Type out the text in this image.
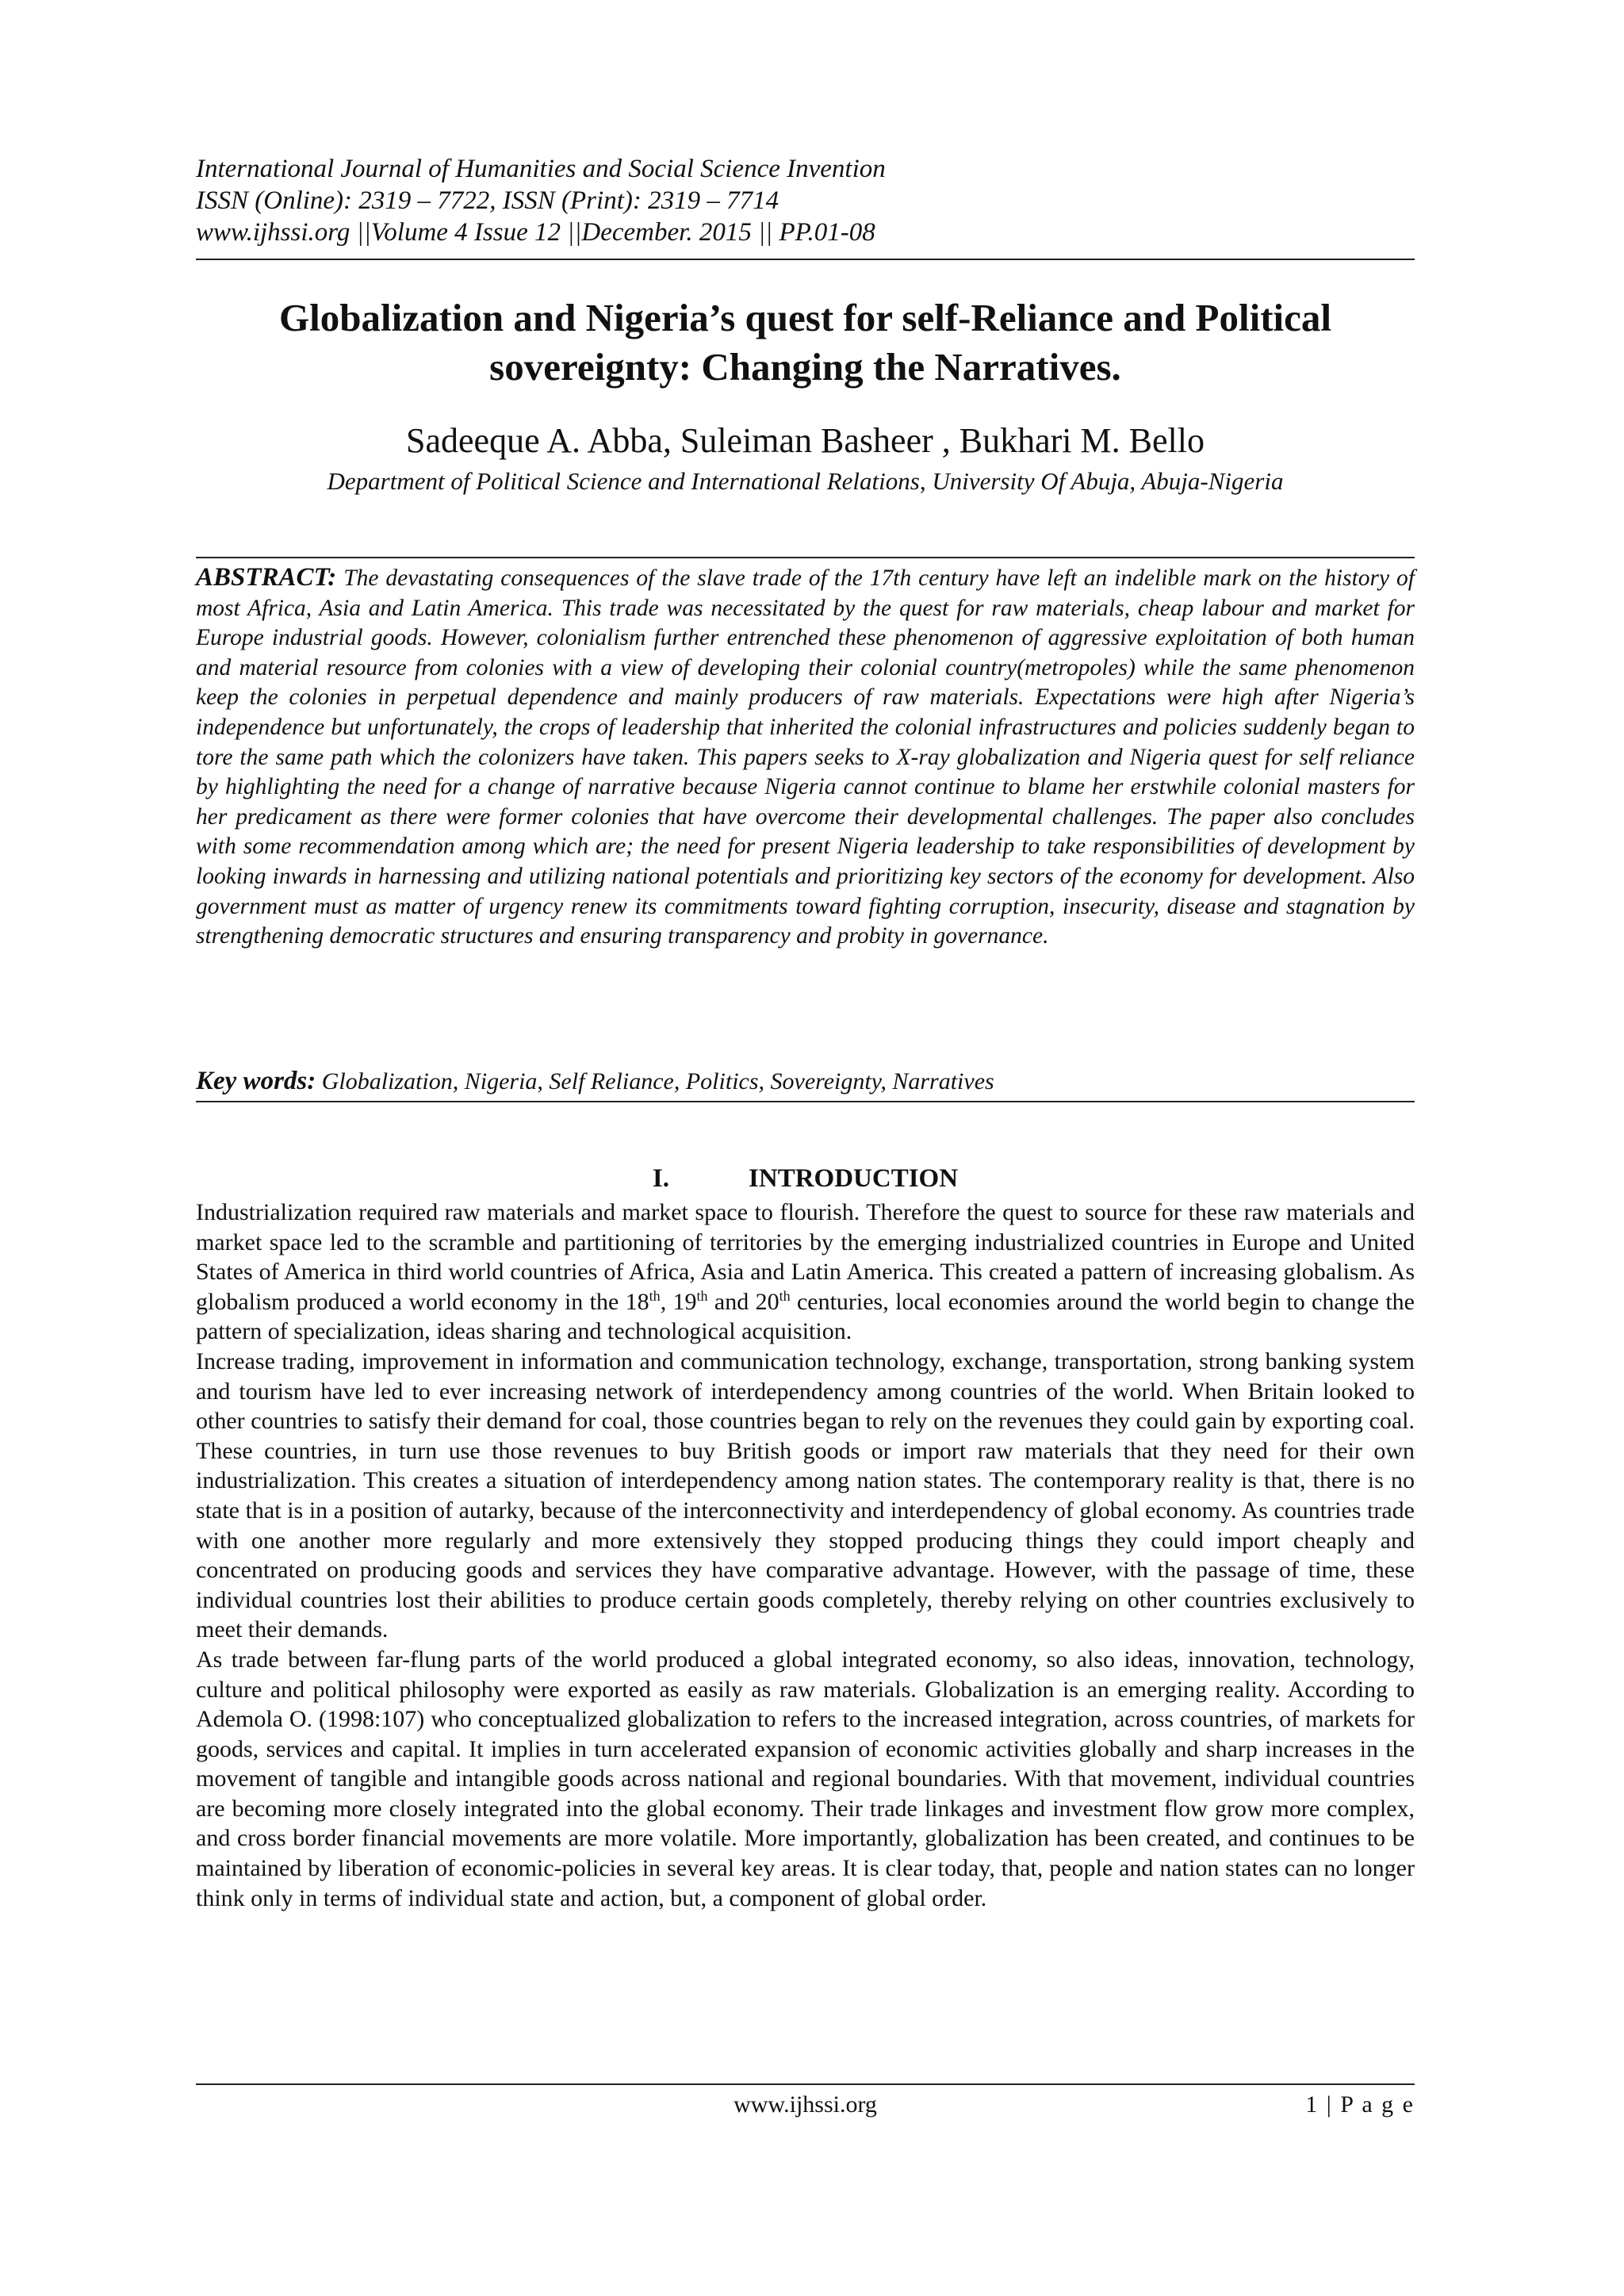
International Journal of Humanities and Social Science Invention
ISSN (Online): 2319 – 7722, ISSN (Print): 2319 – 7714
www.ijhssi.org ||Volume 4 Issue 12 ||December. 2015 || PP.01-08
Globalization and Nigeria’s quest for self-Reliance and Political sovereignty: Changing the Narratives.
Sadeeque A. Abba, Suleiman Basheer , Bukhari M. Bello
Department of Political Science and International Relations, University Of Abuja, Abuja-Nigeria
ABSTRACT: The devastating consequences of the slave trade of the 17th century have left an indelible mark on the history of most Africa, Asia and Latin America. This trade was necessitated by the quest for raw materials, cheap labour and market for Europe industrial goods. However, colonialism further entrenched these phenomenon of aggressive exploitation of both human and material resource from colonies with a view of developing their colonial country(metropoles) while the same phenomenon keep the colonies in perpetual dependence and mainly producers of raw materials. Expectations were high after Nigeria’s independence but unfortunately, the crops of leadership that inherited the colonial infrastructures and policies suddenly began to tore the same path which the colonizers have taken. This papers seeks to X-ray globalization and Nigeria quest for self reliance by highlighting the need for a change of narrative because Nigeria cannot continue to blame her erstwhile colonial masters for her predicament as there were former colonies that have overcome their developmental challenges. The paper also concludes with some recommendation among which are; the need for present Nigeria leadership to take responsibilities of development by looking inwards in harnessing and utilizing national potentials and prioritizing key sectors of the economy for development. Also government must as matter of urgency renew its commitments toward fighting corruption, insecurity, disease and stagnation by strengthening democratic structures and ensuring transparency and probity in governance.
Key words: Globalization, Nigeria, Self Reliance, Politics, Sovereignty, Narratives
I.	INTRODUCTION

Industrialization required raw materials and market space to flourish. Therefore the quest to source for these raw materials and market space led to the scramble and partitioning of territories by the emerging industrialized countries in Europe and United States of America in third world countries of Africa, Asia and Latin America. This created a pattern of increasing globalism. As globalism produced a world economy in the 18th, 19th and 20th centuries, local economies around the world begin to change the pattern of specialization, ideas sharing and technological acquisition.

Increase trading, improvement in information and communication technology, exchange, transportation, strong banking system and tourism have led to ever increasing network of interdependency among countries of the world. When Britain looked to other countries to satisfy their demand for coal, those countries began to rely on the revenues they could gain by exporting coal. These countries, in turn use those revenues to buy British goods or import raw materials that they need for their own industrialization. This creates a situation of interdependency among nation states. The contemporary reality is that, there is no state that is in a position of autarky, because of the interconnectivity and interdependency of global economy. As countries trade with one another more regularly and more extensively they stopped producing things they could import cheaply and concentrated on producing goods and services they have comparative advantage. However, with the passage of time, these individual countries lost their abilities to produce certain goods completely, thereby relying on other countries exclusively to meet their demands.

As trade between far-flung parts of the world produced a global integrated economy, so also ideas, innovation, technology, culture and political philosophy were exported as easily as raw materials. Globalization is an emerging reality. According to Ademola O. (1998:107) who conceptualized globalization to refers to the increased integration, across countries, of markets for goods, services and capital. It implies in turn accelerated expansion of economic activities globally and sharp increases in the movement of tangible and intangible goods across national and regional boundaries. With that movement, individual countries are becoming more closely integrated into the global economy. Their trade linkages and investment flow grow more complex, and cross border financial movements are more volatile. More importantly, globalization has been created, and continues to be maintained by liberation of economic-policies in several key areas. It is clear today, that, people and nation states can no longer think only in terms of individual state and action, but, a component of global order.

www.ijhssi.org	1 | P a g e
